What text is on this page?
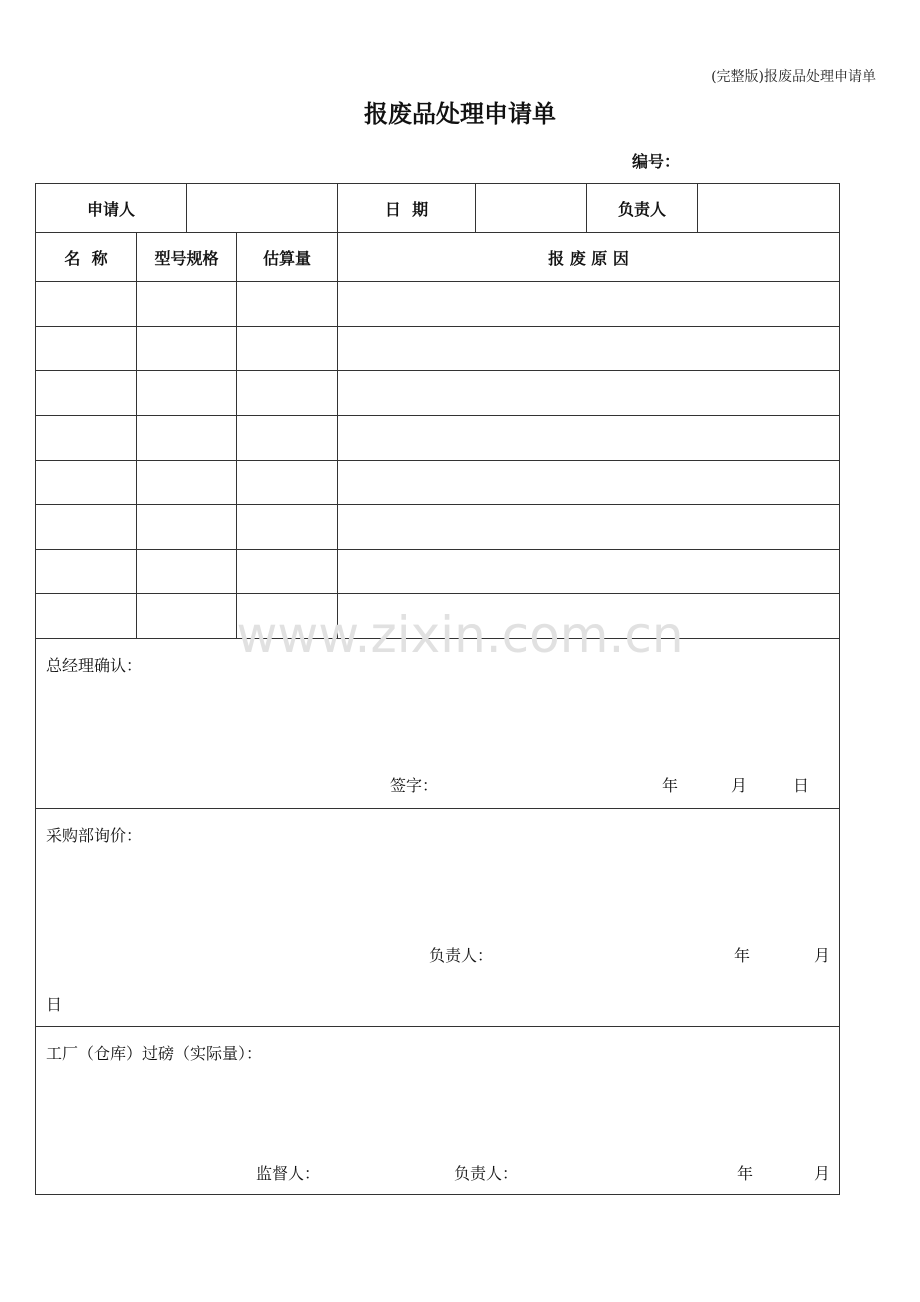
(完整版)报废品处理申请单
报废品处理申请单
编号：
申请人	日  期	负责人
名  称	型号规格	估算量	报 废 原 因
总经理确认：
签字：	年	月	日
采购部询价：
负责人：	年	月
日
工厂（仓库）过磅（实际量）：
监督人：	负责人：	年	月
www.zixin.com.cn
